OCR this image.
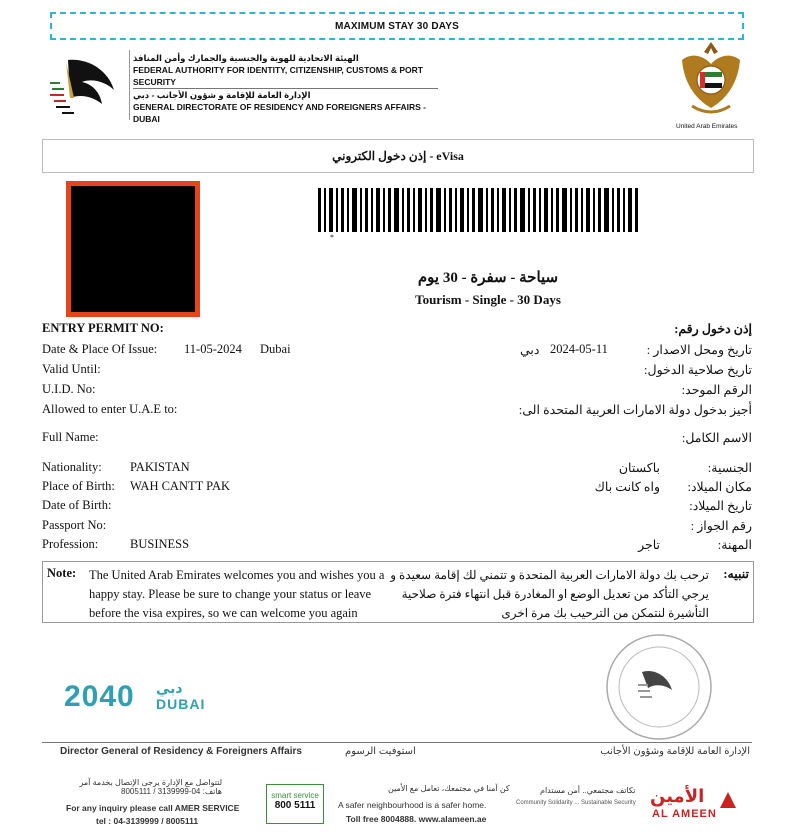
MAXIMUM STAY 30 DAYS
الهيئة الاتحادية للهوية والجنسية والجمارك وأمن المنافذ
FEDERAL AUTHORITY FOR IDENTITY, CITIZENSHIP, CUSTOMS & PORT SECURITY
الإدارة العامة للإقامة و شؤون الأجانب - دبي
GENERAL DIRECTORATE OF RESIDENCY AND FOREIGNERS AFFAIRS - DUBAI
United Arab Emirates
إذن دخول الكتروني - eVisa
*
سياحة - سفرة - 30 يوم
Tourism - Single - 30 Days
ENTRY PERMIT NO:
Date & Place Of Issue: 11-05-2024 Dubai
Valid Until:
U.I.D. No:
Allowed to enter U.A.E to:
Full Name:
Nationality: PAKISTAN
Place of Birth: WAH CANTT PAK
Date of Birth:
Passport No:
Profession:	BUSINESS
إذن دخول رقم:
تاريخ ومحل الاصدار :
2024-05-11
دبي
تاريخ صلاحية الدخول:
الرقم الموحد:
أجيز بدخول دولة الامارات العربية المتحدة الى:
الاسم الكامل:
الجنسية:
باكستان
مكان الميلاد:
واه كانت باك
تاريخ الميلاد:
رقم الجواز :
المهنة:
تاجر
Note: The United Arab Emirates welcomes you and wishes you a happy stay. Please be sure to change your status or leave before the visa expires, so we can welcome you again
تنبيه:
ترحب بك دولة الامارات العربية المتحدة و تتمني لك إقامة سعيدة و يرجي التأكد من تعديل الوضع او المغادرة قبل انتهاء فترة صلاحية التأشيرة لنتمكن من الترحيب بك مرة اخرى
2040 دبي
DUBAI
Director General of Residency & Foreigners Affairs	استوفيت الرسوم	الإدارة العامة للإقامة وشؤون الأجانب
لتتواصل مع الإدارة يرجى الإتصال بخدمة آمر هاتف: 04-3139999 / 8005111
For any inquiry please call AMER SERVICE
tel : 04-3139999 / 8005111
smart service
800 5111
كن آمنا في مجتمعك، تعامل مع الأمين
A safer neighbourhood is a safer home.
Toll free 8004888. www.alameen.ae
تكاتف مجتمعي.. أمن مستدام
Community Solidarity ... Sustainable Security الأمين
AL AMEEN
